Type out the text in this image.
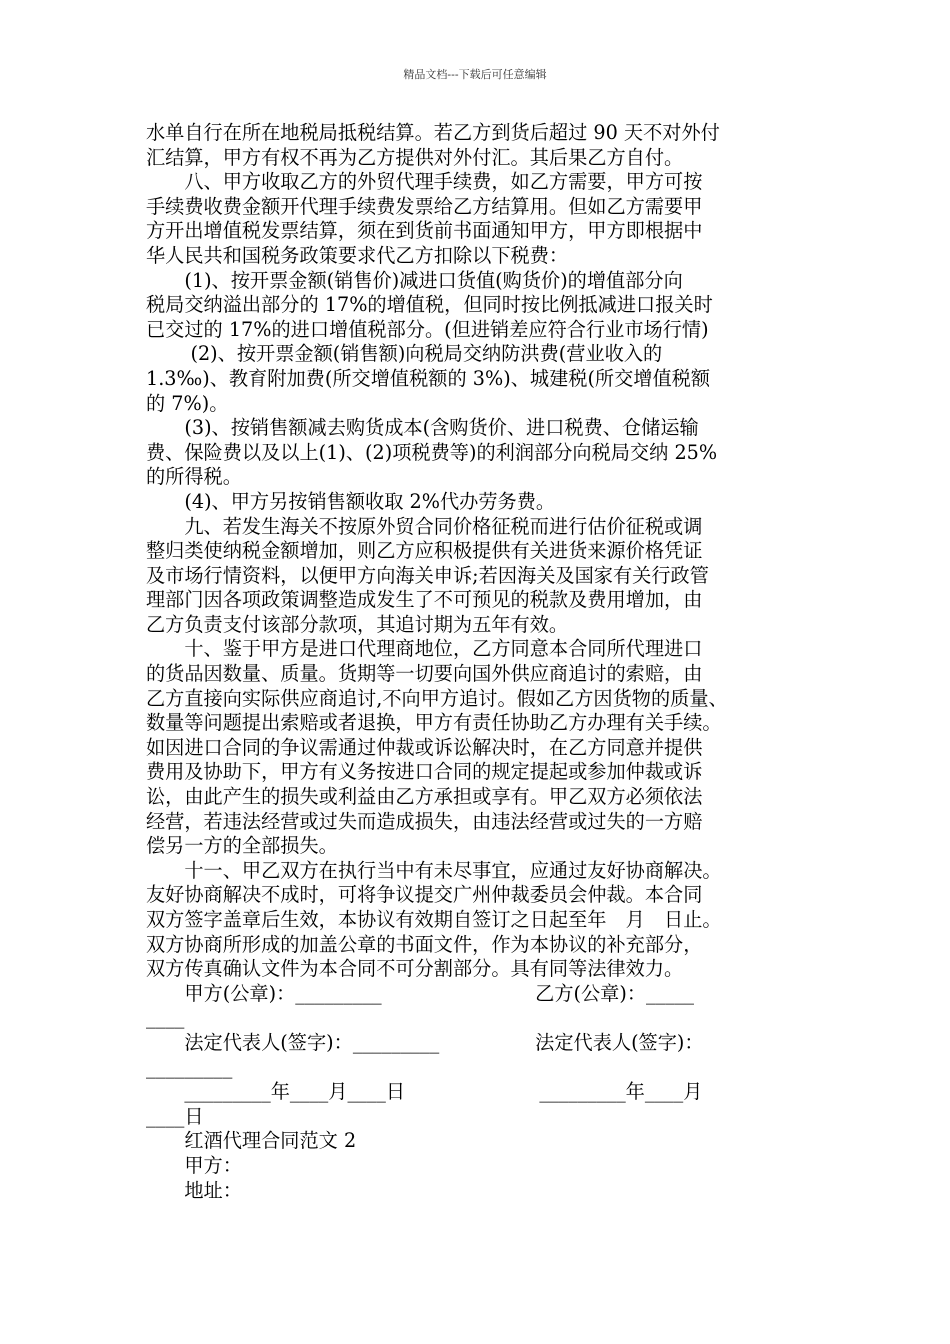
精品文档---下载后可任意编辑
水单自行在所在地税局抵税结算。若乙方到货后超过 90 天不对外付
汇结算，甲方有权不再为乙方提供对外付汇。其后果乙方自付。
　　八、甲方收取乙方的外贸代理手续费，如乙方需要，甲方可按
手续费收费金额开代理手续费发票给乙方结算用。但如乙方需要甲
方开出增值税发票结算，须在到货前书面通知甲方，甲方即根据中
华人民共和国税务政策要求代乙方扣除以下税费：
　　(1)、按开票金额(销售价)减进口货值(购货价)的增值部分向
税局交纳溢出部分的 17%的增值税，但同时按比例抵减进口报关时
已交过的 17%的进口增值税部分。(但进销差应符合行业市场行情)
　　 (2)、按开票金额(销售额)向税局交纳防洪费(营业收入的
1.3‰)、教育附加费(所交增值税额的 3%)、城建税(所交增值税额
的 7%)。
　　(3)、按销售额减去购货成本(含购货价、进口税费、仓储运输
费、保险费以及以上(1)、(2)项税费等)的利润部分向税局交纳 25%
的所得税。
　　(4)、甲方另按销售额收取 2%代办劳务费。
　　九、若发生海关不按原外贸合同价格征税而进行估价征税或调
整归类使纳税金额增加，则乙方应积极提供有关进货来源价格凭证
及市场行情资料，以便甲方向海关申诉;若因海关及国家有关行政管
理部门因各项政策调整造成发生了不可预见的税款及费用增加，由
乙方负责支付该部分款项，其追讨期为五年有效。
　　十、鉴于甲方是进口代理商地位，乙方同意本合同所代理进口
的货品因数量、质量。货期等一切要向国外供应商追讨的索赔，由
乙方直接向实际供应商追讨,不向甲方追讨。假如乙方因货物的质量、
数量等问题提出索赔或者退换，甲方有责任协助乙方办理有关手续。
如因进口合同的争议需通过仲裁或诉讼解决时，在乙方同意并提供
费用及协助下，甲方有义务按进口合同的规定提起或参加仲裁或诉
讼，由此产生的损失或利益由乙方承担或享有。甲乙双方必须依法
经营，若违法经营或过失而造成损失，由违法经营或过失的一方赔
偿另一方的全部损失。
　　十一、甲乙双方在执行当中有未尽事宜，应通过友好协商解决。
友好协商解决不成时，可将争议提交广州仲裁委员会仲裁。本合同
双方签字盖章后生效，本协议有效期自签订之日起至年　月　日止。
双方协商所形成的加盖公章的书面文件，作为本协议的补充部分，
双方传真确认文件为本合同不可分割部分。具有同等法律效力。
　　甲方(公章)：_________　　　　　　　　乙方(公章)：_____
____
　　法定代表人(签字)：_________　　　　　法定代表人(签字)：
_________
　　_________年____月____日　　　　　　　_________年____月
____日
　　红酒代理合同范文 2
　　甲方：
　　地址：
